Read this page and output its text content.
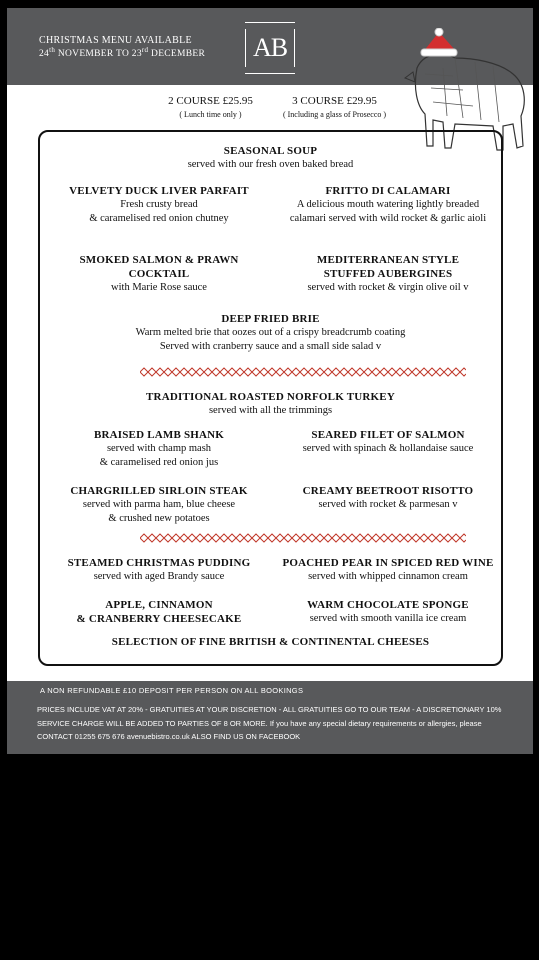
CHRISTMAS MENU AVAILABLE
24th NOVEMBER TO 23rd DECEMBER	AB
2 COURSE £25.95
( Lunch time only )
3 COURSE £29.95
( Including a glass of Prosecco )
SEASONAL SOUP
served with our fresh oven baked bread
VELVETY DUCK LIVER PARFAIT
Fresh crusty bread
& caramelised red onion chutney
FRITTO DI CALAMARI
A delicious mouth watering lightly breaded
calamari served with wild rocket & garlic aioli
SMOKED SALMON & PRAWN
COCKTAIL
with Marie Rose sauce
MEDITERRANEAN STYLE
STUFFED AUBERGINES
served with rocket & virgin olive oil v
DEEP FRIED BRIE
Warm melted brie that oozes out of a crispy breadcrumb coating
Served with cranberry sauce and a small side salad v
TRADITIONAL ROASTED NORFOLK TURKEY
served with all the trimmings
BRAISED LAMB SHANK
served with champ mash
& caramelised red onion jus
SEARED FILET OF SALMON
served with spinach & hollandaise sauce
CHARGRILLED SIRLOIN STEAK
served with parma ham, blue cheese
& crushed new potatoes
CREAMY BEETROOT RISOTTO
served with rocket & parmesan v
STEAMED CHRISTMAS PUDDING
served with aged Brandy sauce
POACHED PEAR IN SPICED RED WINE
served with whipped cinnamon cream
APPLE, CINNAMON
& CRANBERRY CHEESECAKE
WARM CHOCOLATE SPONGE
served with smooth vanilla ice cream
SELECTION OF FINE BRITISH & CONTINENTAL CHEESES
A NON REFUNDABLE £10 DEPOSIT PER PERSON ON ALL BOOKINGS
PRICES INCLUDE VAT AT 20% - GRATUITIES AT YOUR DISCRETION - ALL GRATUITIES GO TO OUR TEAM - A DISCRETIONARY 10%
SERVICE CHARGE WILL BE ADDED TO PARTIES OF 8 OR MORE. If you have any special dietary requirements or allergies, please
CONTACT 01255 675 676 avenuebistro.co.uk ALSO FIND US ON FACEBOOK
